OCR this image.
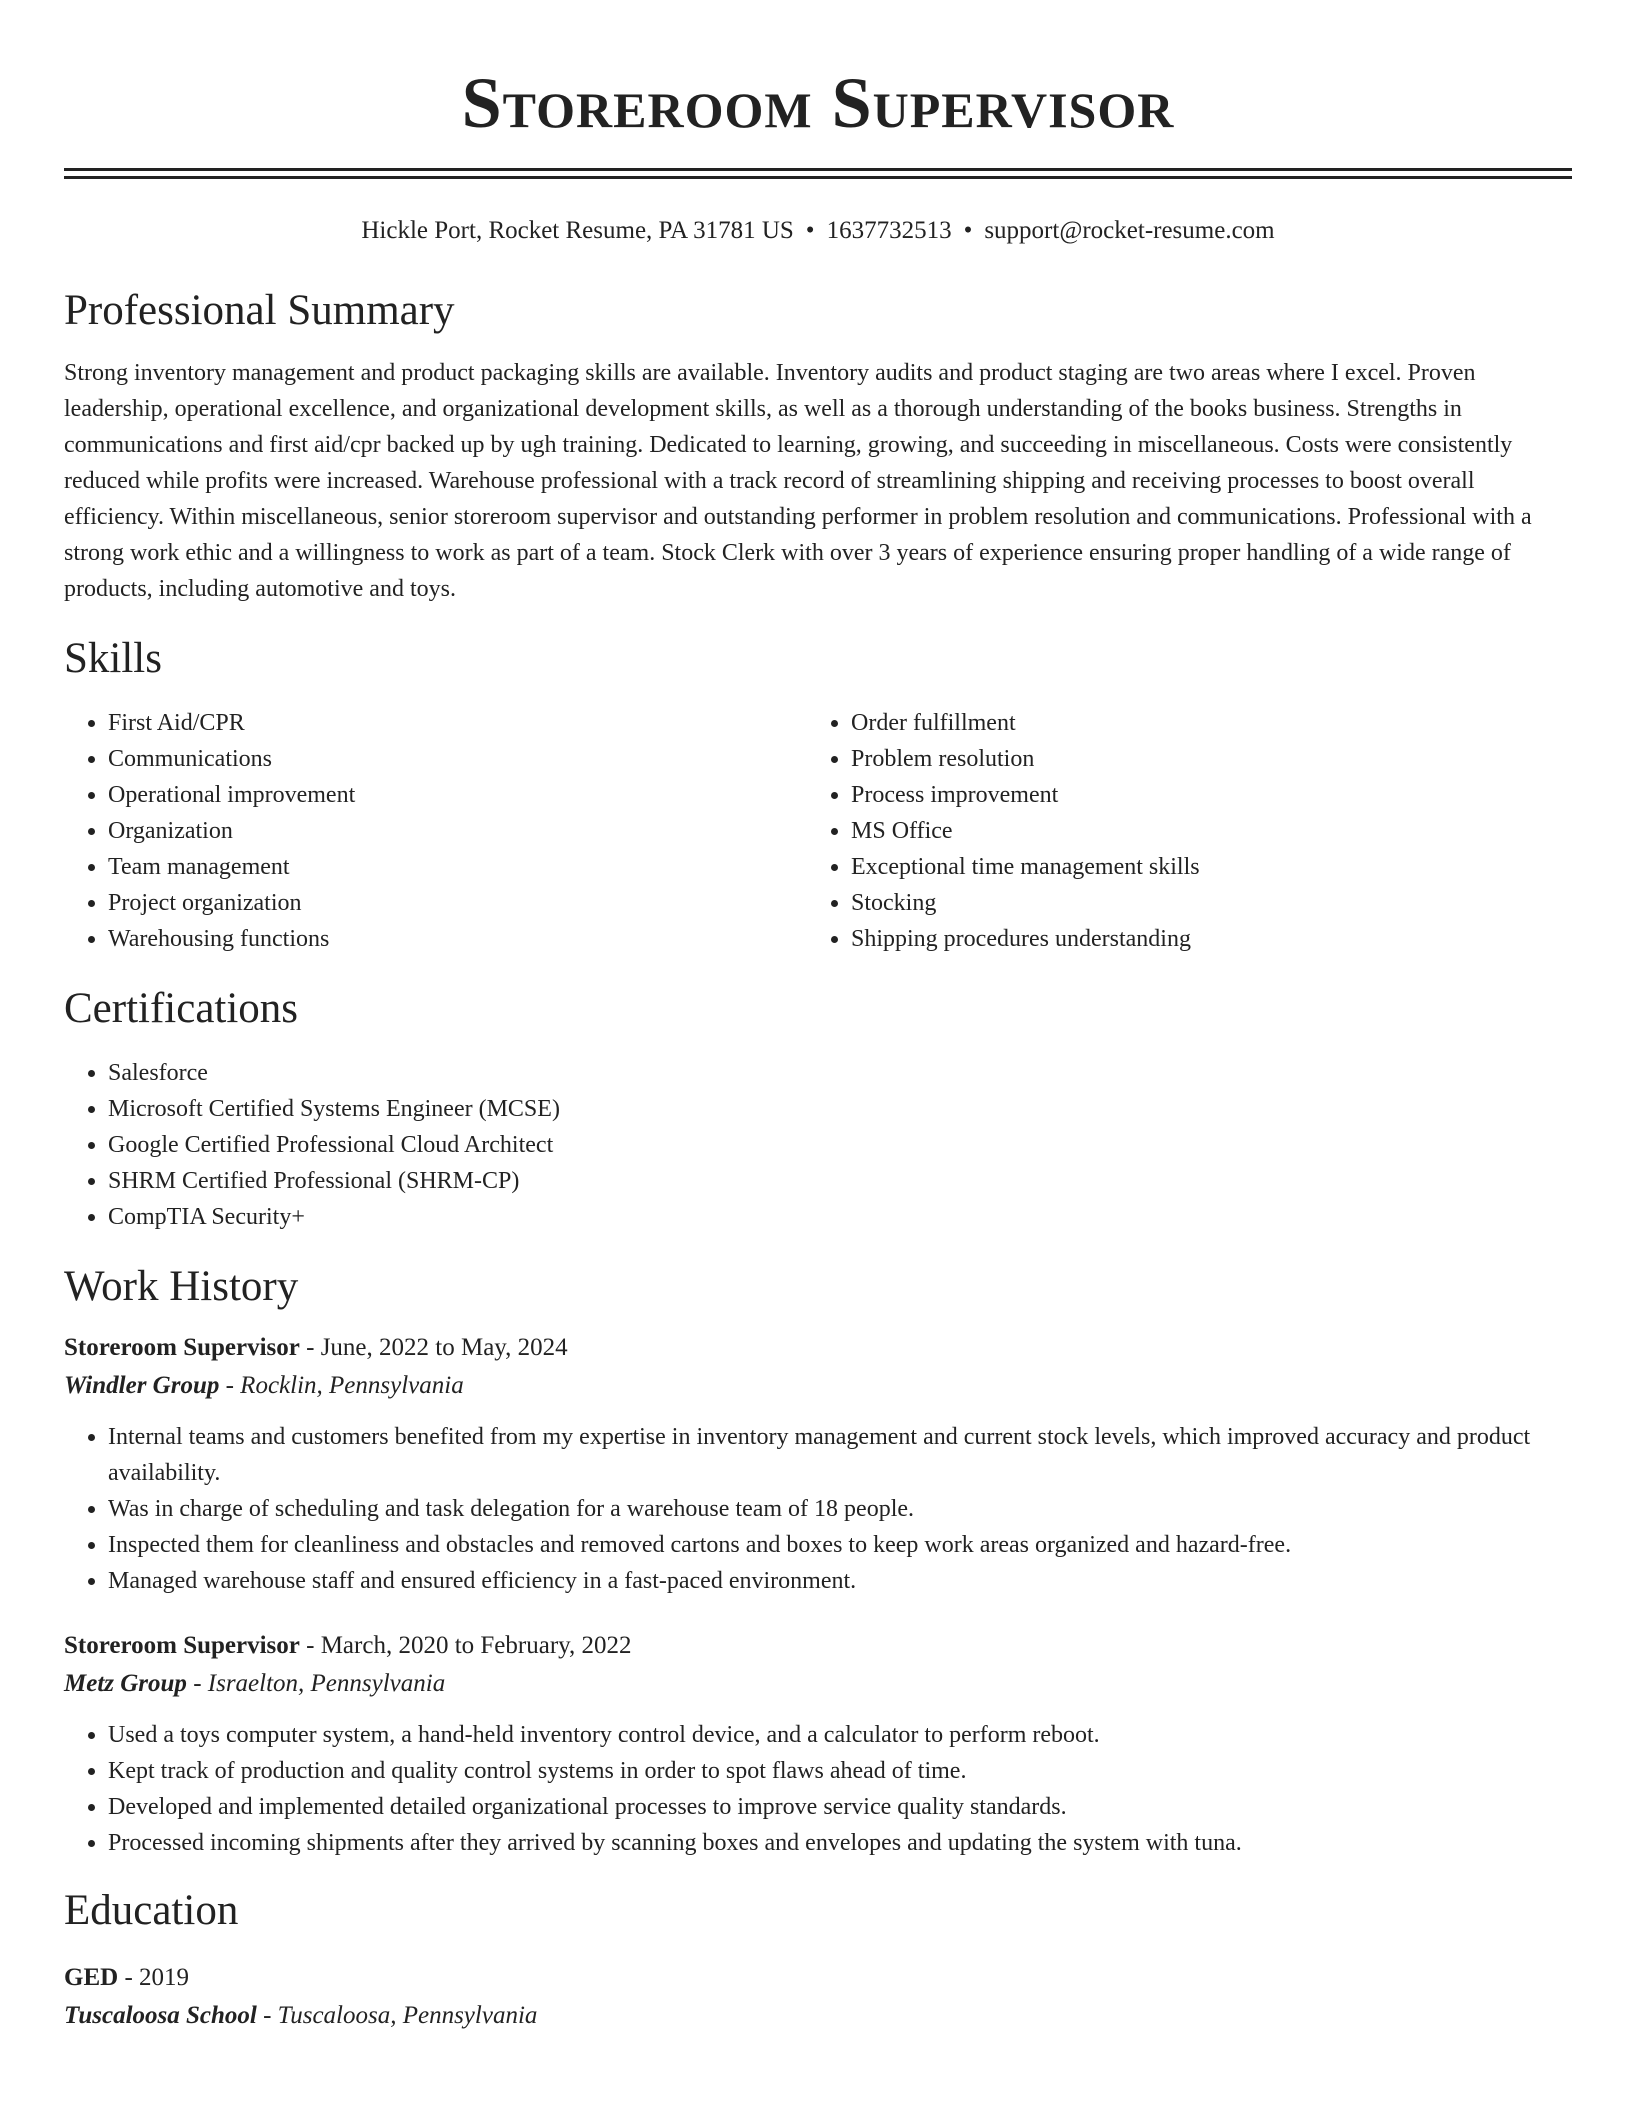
Storeroom Supervisor
Hickle Port, Rocket Resume, PA 31781 US • 1637732513 • support@rocket-resume.com
Professional Summary
Strong inventory management and product packaging skills are available. Inventory audits and product staging are two areas where I excel. Proven leadership, operational excellence, and organizational development skills, as well as a thorough understanding of the books business. Strengths in communications and first aid/cpr backed up by ugh training. Dedicated to learning, growing, and succeeding in miscellaneous. Costs were consistently reduced while profits were increased. Warehouse professional with a track record of streamlining shipping and receiving processes to boost overall efficiency. Within miscellaneous, senior storeroom supervisor and outstanding performer in problem resolution and communications. Professional with a strong work ethic and a willingness to work as part of a team. Stock Clerk with over 3 years of experience ensuring proper handling of a wide range of products, including automotive and toys.
Skills
• First Aid/CPR
• Communications
• Operational improvement
• Organization
• Team management
• Project organization
• Warehousing functions
• Order fulfillment
• Problem resolution
• Process improvement
• MS Office
• Exceptional time management skills
• Stocking
• Shipping procedures understanding
Certifications
• Salesforce
• Microsoft Certified Systems Engineer (MCSE)
• Google Certified Professional Cloud Architect
• SHRM Certified Professional (SHRM-CP)
• CompTIA Security+
Work History
Storeroom Supervisor - June, 2022 to May, 2024
Windler Group - Rocklin, Pennsylvania
• Internal teams and customers benefited from my expertise in inventory management and current stock levels, which improved accuracy and product availability.
• Was in charge of scheduling and task delegation for a warehouse team of 18 people.
• Inspected them for cleanliness and obstacles and removed cartons and boxes to keep work areas organized and hazard-free.
• Managed warehouse staff and ensured efficiency in a fast-paced environment.
Storeroom Supervisor - March, 2020 to February, 2022
Metz Group - Israelton, Pennsylvania
• Used a toys computer system, a hand-held inventory control device, and a calculator to perform reboot.
• Kept track of production and quality control systems in order to spot flaws ahead of time.
• Developed and implemented detailed organizational processes to improve service quality standards.
• Processed incoming shipments after they arrived by scanning boxes and envelopes and updating the system with tuna.
Education
GED - 2019
Tuscaloosa School - Tuscaloosa, Pennsylvania
